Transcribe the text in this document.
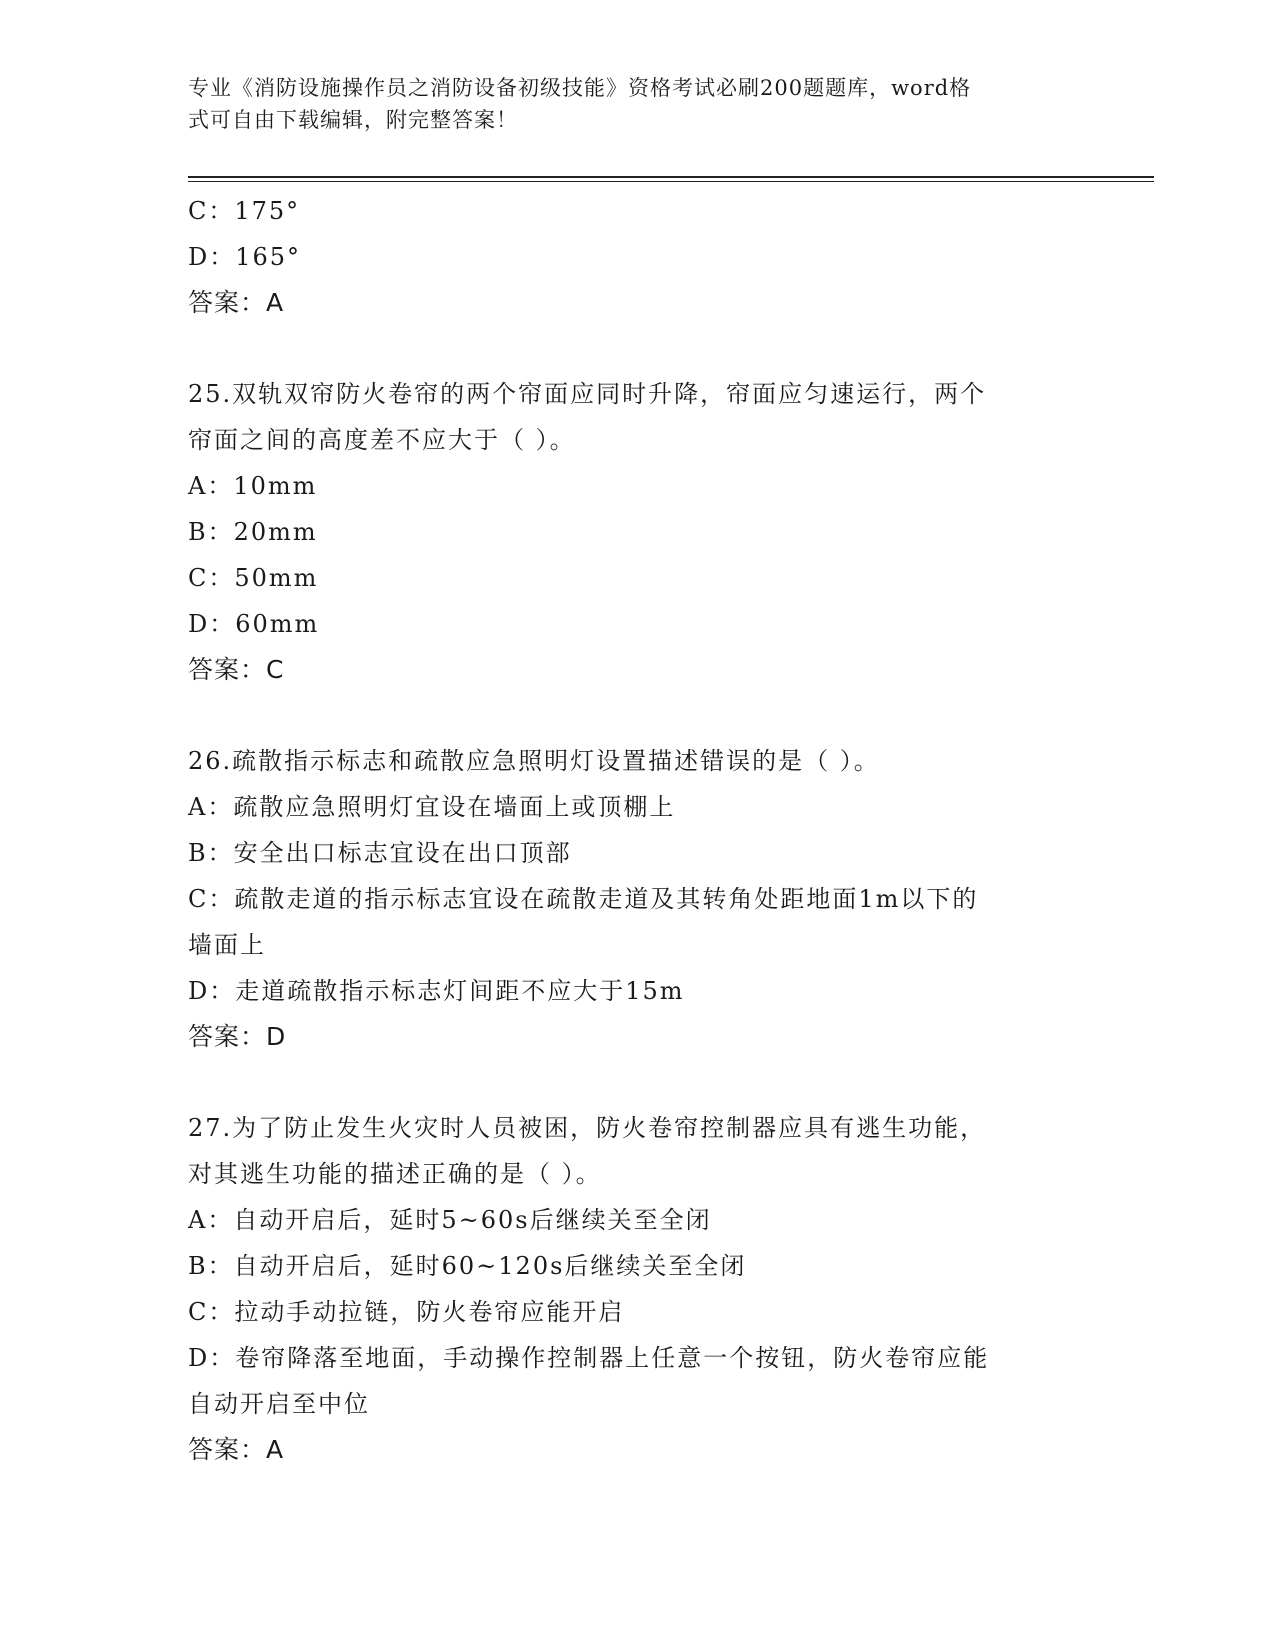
专业《消防设施操作员之消防设备初级技能》资格考试必刷200题题库，word格
式可自由下载编辑，附完整答案！
C：175°
D：165°
答案：A
25.双轨双帘防火卷帘的两个帘面应同时升降，帘面应匀速运行，两个
帘面之间的高度差不应大于（ ）。
A：10mm
B：20mm
C：50mm
D：60mm
答案：C
26.疏散指示标志和疏散应急照明灯设置描述错误的是（ ）。
A：疏散应急照明灯宜设在墙面上或顶棚上
B：安全出口标志宜设在出口顶部
C：疏散走道的指示标志宜设在疏散走道及其转角处距地面1m以下的
墙面上
D：走道疏散指示标志灯间距不应大于15m
答案：D
27.为了防止发生火灾时人员被困，防火卷帘控制器应具有逃生功能，
对其逃生功能的描述正确的是（ ）。
A：自动开启后，延时5~60s后继续关至全闭
B：自动开启后，延时60~120s后继续关至全闭
C：拉动手动拉链，防火卷帘应能开启
D：卷帘降落至地面，手动操作控制器上任意一个按钮，防火卷帘应能
自动开启至中位
答案：A
